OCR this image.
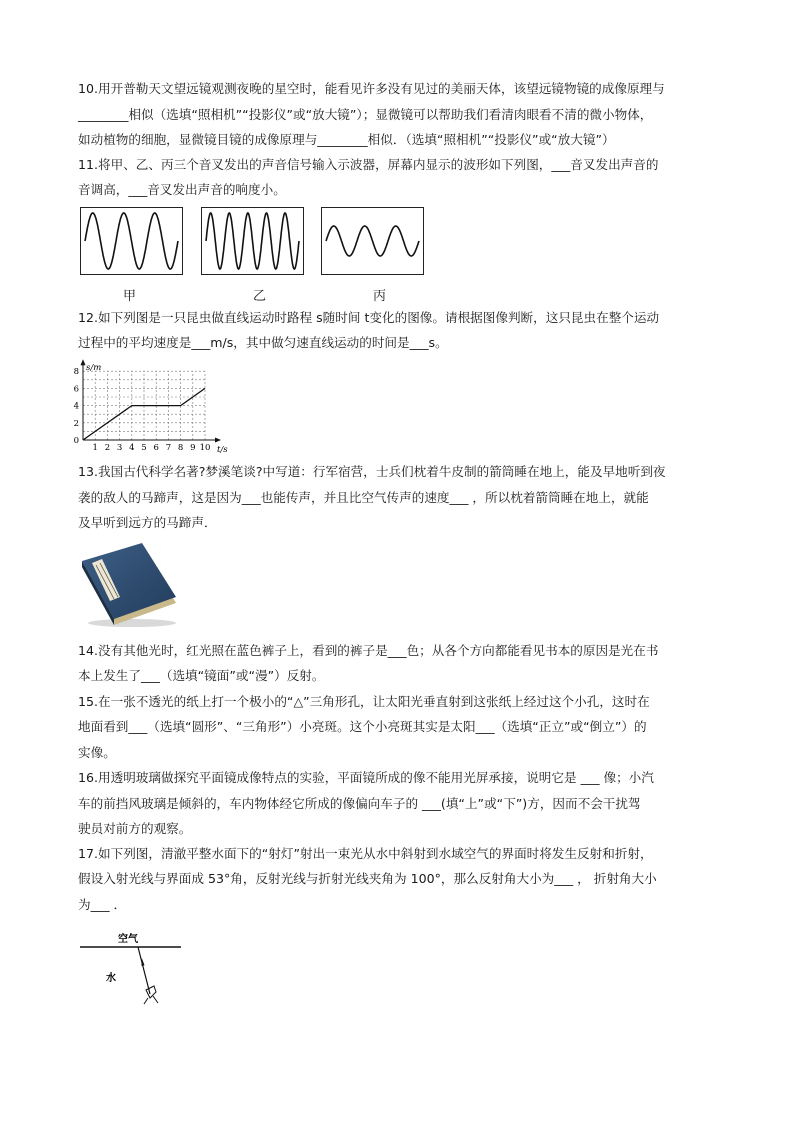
10.用开普勒天文望远镜观测夜晚的星空时，能看见许多没有见过的美丽天体，该望远镜物镜的成像原理与
________相似（选填“照相机”“投影仪”或“放大镜”）；显微镜可以帮助我们看清肉眼看不清的微小物体，
如动植物的细胞，显微镜目镜的成像原理与________相似．（选填“照相机”“投影仪”或“放大镜”）
11.将甲、乙、丙三个音叉发出的声音信号输入示波器，屏幕内显示的波形如下列图，___音叉发出声音的
音调高，___音叉发出声音的响度小。
甲	乙	丙
12.如下列图是一只昆虫做直线运动时路程 s随时间 t变化的图像。请根据图像判断，这只昆虫在整个运动
过程中的平均速度是___m/s，其中做匀速直线运动的时间是___s。
1 2 3 4 5 6 7 8 9 10
0
2
4
6
8
t/s
s/m
13.我国古代科学名著?梦溪笔谈?中写道：行军宿营，士兵们枕着牛皮制的箭筒睡在地上，能及早地听到夜
袭的敌人的马蹄声，这是因为___也能传声，并且比空气传声的速度___ ，所以枕着箭筒睡在地上，就能
及早听到远方的马蹄声．
14.没有其他光时，红光照在蓝色裤子上，看到的裤子是___色；从各个方向都能看见书本的原因是光在书
本上发生了___（选填“镜面”或“漫”）反射。
15.在一张不透光的纸上打一个极小的“△”三角形孔，让太阳光垂直射到这张纸上经过这个小孔，这时在
地面看到___（选填“圆形”、“三角形”）小亮斑。这个小亮斑其实是太阳___（选填“正立”或“倒立”）的
实像。
16.用透明玻璃做探究平面镜成像特点的实验，平面镜所成的像不能用光屏承接，说明它是 ___ 像；小汽
车的前挡风玻璃是倾斜的，车内物体经它所成的像偏向车子的 ___(填“上”或“下”)方，因而不会干扰驾
驶员对前方的观察。
17.如下列图，清澈平整水面下的“射灯”射出一束光从水中斜射到水域空气的界面时将发生反射和折射，
假设入射光线与界面成 53°角，反射光线与折射光线夹角为 100°，那么反射角大小为___ ， 折射角大小
为___ ．
空气
水
